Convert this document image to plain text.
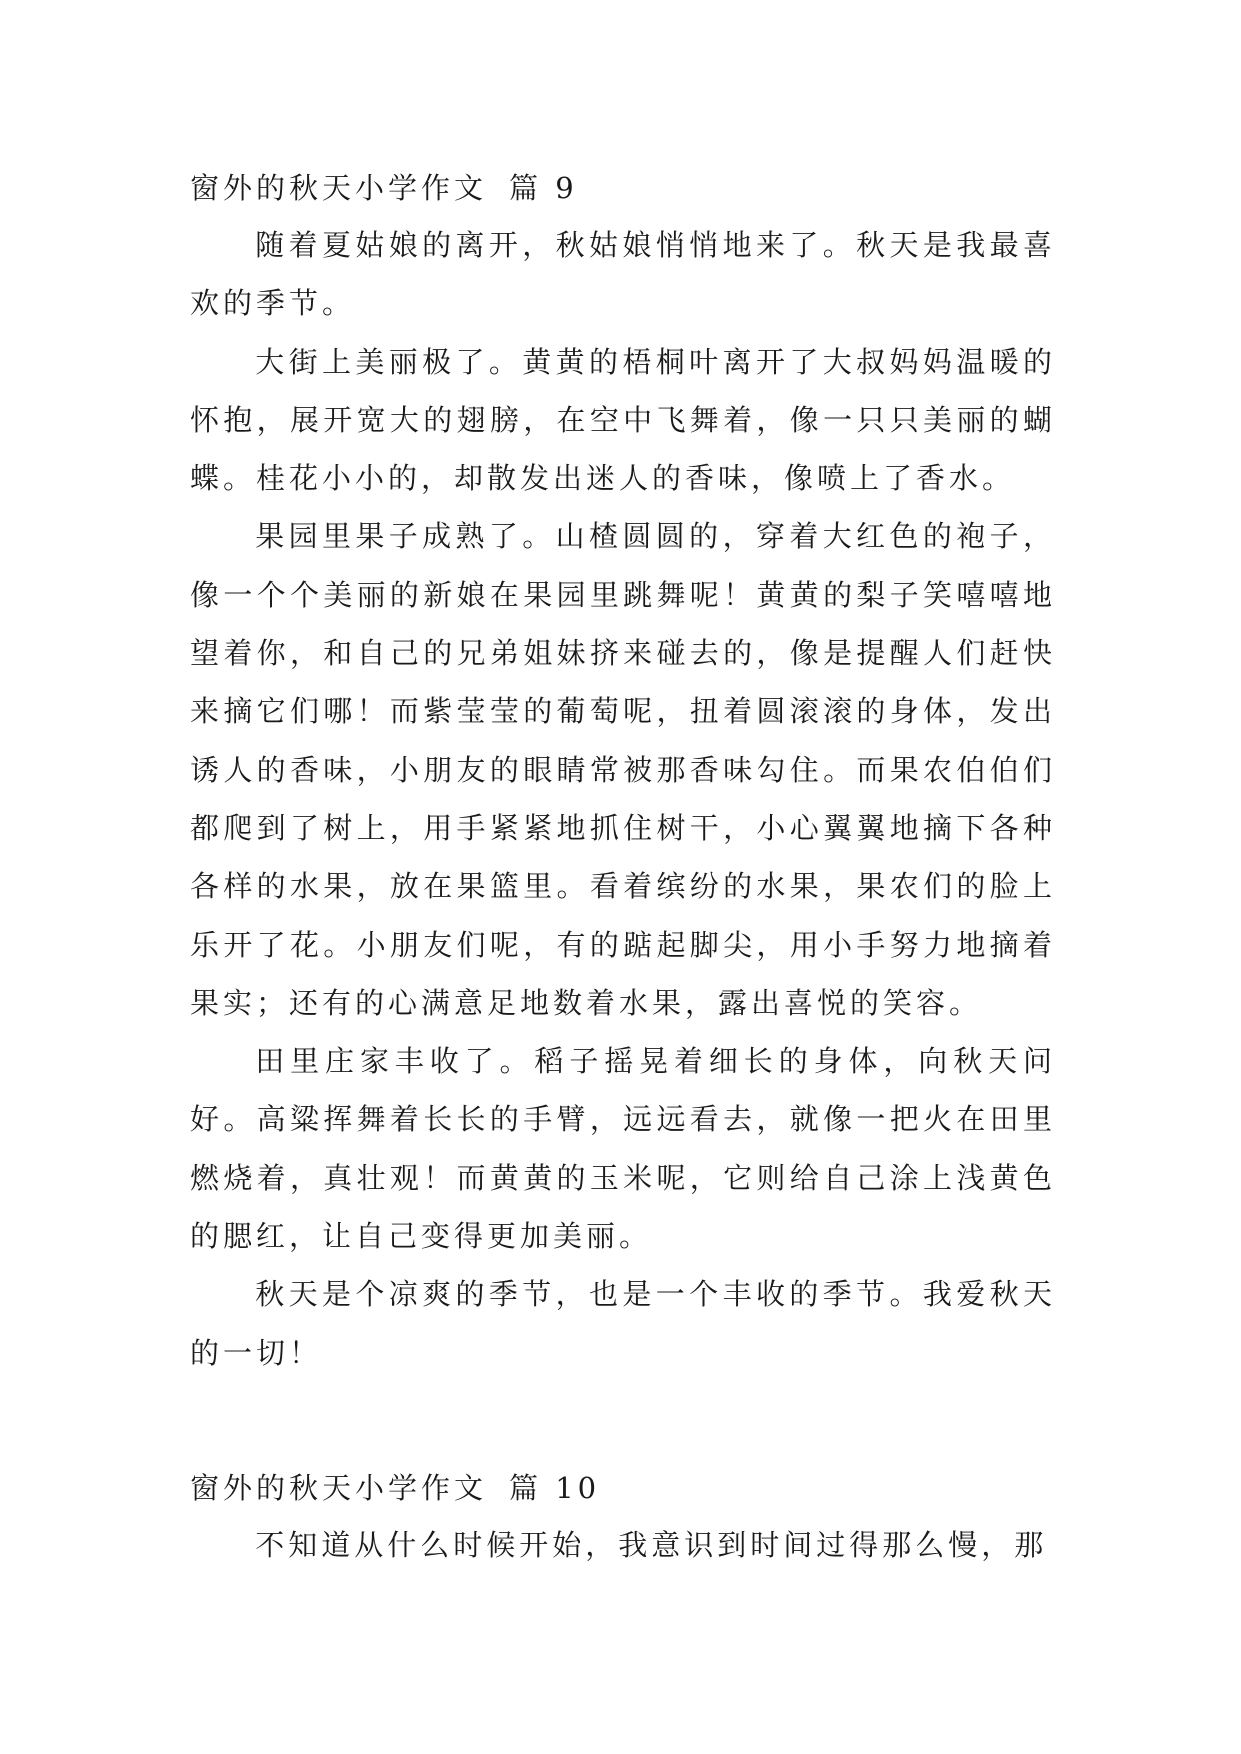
窗外的秋天小学作文 篇 9

随着夏姑娘的离开，秋姑娘悄悄地来了。秋天是我最喜欢的季节。

大街上美丽极了。黄黄的梧桐叶离开了大叔妈妈温暖的怀抱，展开宽大的翅膀，在空中飞舞着，像一只只美丽的蝴蝶。桂花小小的，却散发出迷人的香味，像喷上了香水。

果园里果子成熟了。山楂圆圆的，穿着大红色的袍子，像一个个美丽的新娘在果园里跳舞呢！黄黄的梨子笑嘻嘻地望着你，和自己的兄弟姐妹挤来碰去的，像是提醒人们赶快来摘它们哪！而紫莹莹的葡萄呢，扭着圆滚滚的身体，发出诱人的香味，小朋友的眼睛常被那香味勾住。而果农伯伯们都爬到了树上，用手紧紧地抓住树干，小心翼翼地摘下各种各样的水果，放在果篮里。看着缤纷的水果，果农们的脸上乐开了花。小朋友们呢，有的踮起脚尖，用小手努力地摘着果实；还有的心满意足地数着水果，露出喜悦的笑容。

田里庄家丰收了。稻子摇晃着细长的身体，向秋天问好。高粱挥舞着长长的手臂，远远看去，就像一把火在田里燃烧着，真壮观！而黄黄的玉米呢，它则给自己涂上浅黄色的腮红，让自己变得更加美丽。

秋天是个凉爽的季节，也是一个丰收的季节。我爱秋天的一切！

窗外的秋天小学作文 篇 10

不知道从什么时候开始，我意识到时间过得那么慢，那
